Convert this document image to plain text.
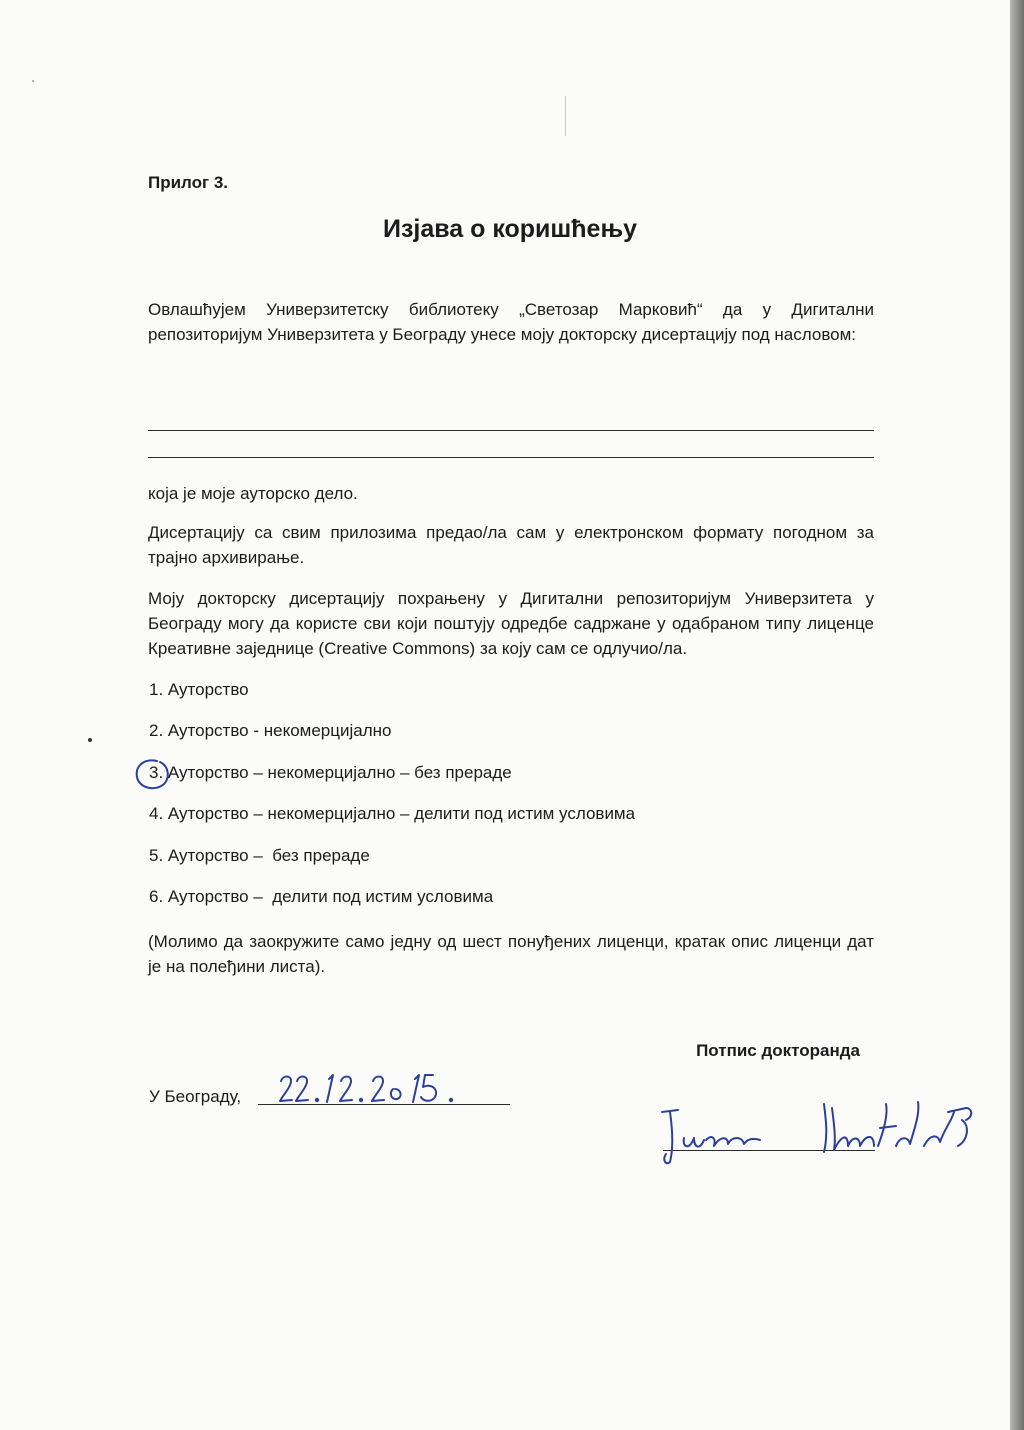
Прилог 3.
Изјава о коришћењу
Овлашћујем Универзитетску библиотеку „Светозар Марковић“ да у Дигитални репозиторијум Универзитета у Београду унесе моју докторску дисертацију под насловом:
која је моје ауторско дело.
Дисертацију са свим прилозима предао/ла сам у електронском формату погодном за трајно архивирање.
Моју докторску дисертацију похрањену у Дигитални репозиторијум Универзитета у Београду могу да користе сви који поштују одредбе садржане у одабраном типу лиценце Креативне заједнице (Creative Commons) за коју сам се одлучио/ла.
1. Ауторство
2. Ауторство - некомерцијално
3. Ауторство – некомерцијално – без прераде
4. Ауторство – некомерцијално – делити под истим условима
5. Ауторство –  без прераде
6. Ауторство –  делити под истим условима
(Молимо да заокружите само једну од шест понуђених лиценци, кратак опис лиценци дат је на полеђини листа).
Потпис докторанда
У Београду,
